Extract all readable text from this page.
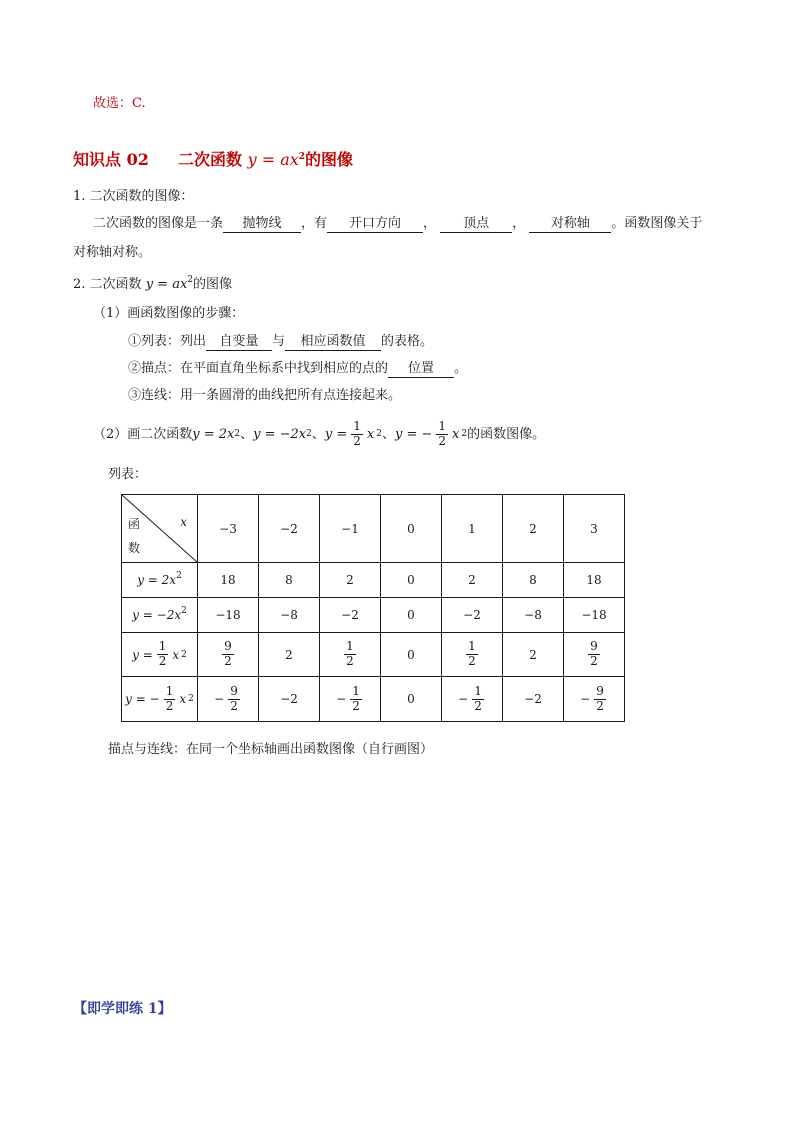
故选：C.
知识点 02 二次函数 $y = ax^2$的图像
1. 二次函数的图像：
二次函数的图像是一条 抛物线 ，有 开口方向 ， 顶点 ， 对称轴 。函数图像关于
对称轴对称。
2. 二次函数 $y = ax^2$的图像
（1）画函数图像的步骤：
①列表：列出 自变量 与 相应函数值 的表格。
②描点：在平面直角坐标系中找到相应的点的 位置 。
③连线：用一条圆滑的曲线把所有点连接起来。
（2）画二次函数 y = 2x 2 、 y = −2x 2 、 $y = \frac{1}{2}$ x 2 、 y = − $\frac{1}{2}$ x 2 的函数图像。
列表：
函
数
x	−3	−2	−1	0	1	2	3
$y = 2x^2$	18	8	2	0	2	8	18
$y = -2x^2$	−18	−8	−2	0	−2	−8	−18

$y = \frac{1}{2}$ x 2	$\frac{9}{2}$	2	$\frac{1}{2}$	0	$\frac{1}{2}$	2	$\frac{9}{2}$

y = − $\frac{1}{2}$ x 2	− $\frac{9}{2}$	−2	− $\frac{1}{2}$	0	− $\frac{1}{2}$	−2	− $\frac{9}{2}$
描点与连线：在同一个坐标轴画出函数图像（自行画图）
【即学即练 1】
